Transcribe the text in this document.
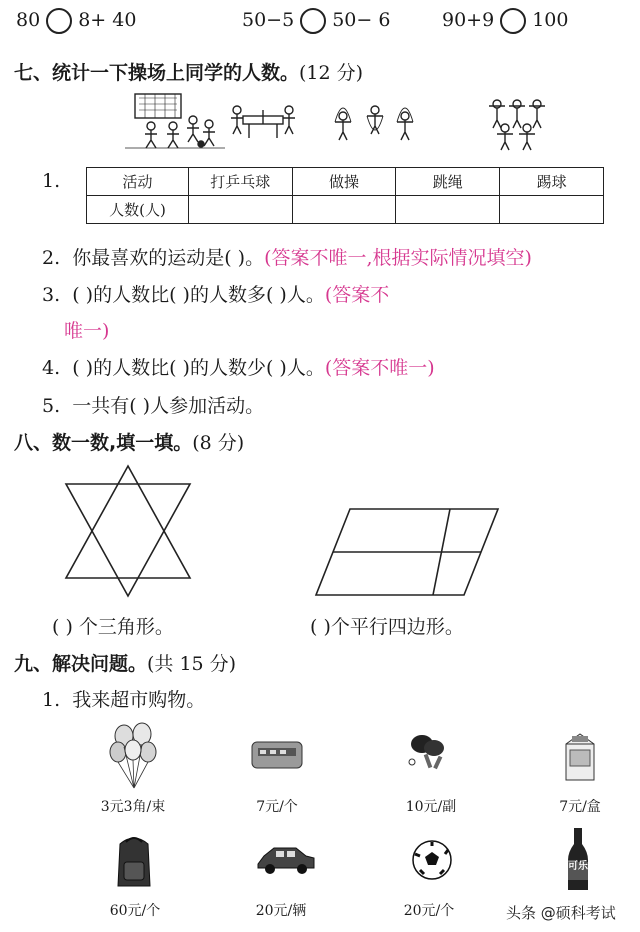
80 8+ 40	50−5 50− 6	90+9 100
七、统计一下操场上同学的人数。(12 分)
1.	活动	打乒乓球	做操	跳绳	踢球
人数(人)				
2. 你最喜欢的运动是( )。(答案不唯一,根据实际情况填空)
3. ( )的人数比( )的人数多( )人。(答案不
唯一)
4. ( )的人数比( )的人数少( )人。(答案不唯一)
5. 一共有( )人参加活动。
八、数一数,填一填。(8 分)
( ) 个三角形。	( )个平行四边形。
九、解决问题。(共 15 分)
1. 我来超市购物。
3元3角/束	7元/个	10元/副	7元/盒
可乐
60元/个	20元/辆	20元/个	头条 @硕科考试
